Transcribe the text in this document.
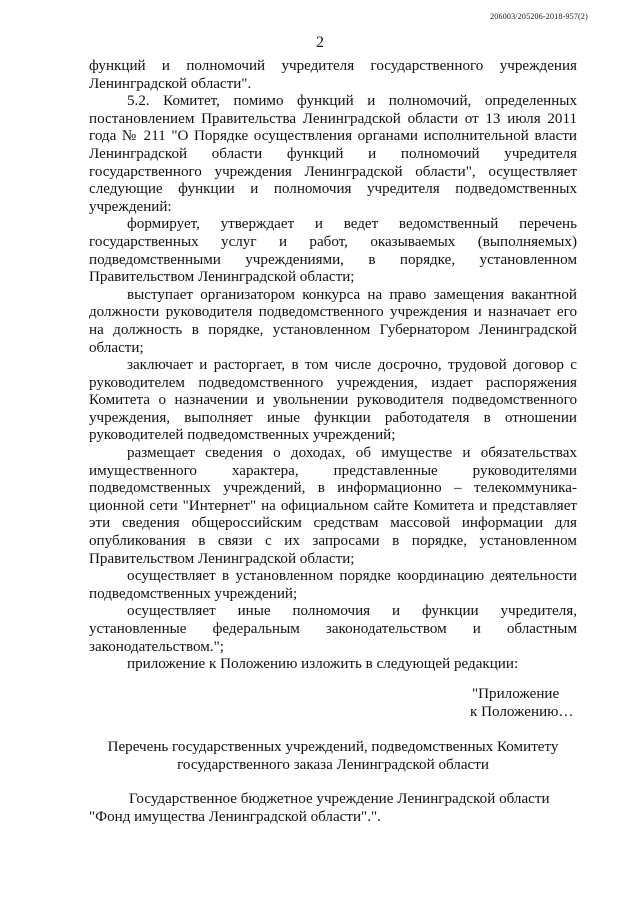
206003/205206-2018-957(2)
2

функций и полномочий учредителя государственного учреждения Ленинградской области".

5.2. Комитет, помимо функций и полномочий, определенных постановлением Правительства Ленинградской области от 13 июля 2011 года № 211 "О Порядке осуществления органами исполнительной власти Ленинградской области функций и полномочий учредителя государственного учреждения Ленинградской области", осуществляет следующие функции и полномочия учредителя подведомственных учреждений:

формирует, утверждает и ведет ведомственный перечень государственных услуг и работ, оказываемых (выполняемых) подведомственными учреждениями, в порядке, установленном Правительством Ленинградской области;

выступает организатором конкурса на право замещения вакантной должности руководителя подведомственного учреждения и назначает его на должность в порядке, установленном Губернатором Ленинградской области;

заключает и расторгает, в том числе досрочно, трудовой договор с руководителем подведомственного учреждения, издает распоряжения Комитета о назначении и увольнении руководителя подведомственного учреждения, выполняет иные функции работодателя в отношении руководителей подведомственных учреждений;

размещает сведения о доходах, об имуществе и обязательствах имущественного характера, представленные руководителями подведомственных учреждений, в информационно – телекоммуника-ционной сети "Интернет" на официальном сайте Комитета и представляет эти сведения общероссийским средствам массовой информации для опубликования в связи с их запросами в порядке, установленном Правительством Ленинградской области;

осуществляет в установленном порядке координацию деятельности подведомственных учреждений;

осуществляет иные полномочия и функции учредителя, установленные федеральным законодательством и областным законодательством.";

приложение к Положению изложить в следующей редакции:

"Приложение
к Положению…
Перечень государственных учреждений, подведомственных Комитету
государственного заказа Ленинградской области

Государственное бюджетное учреждение Ленинградской области "Фонд имущества Ленинградской области".".
